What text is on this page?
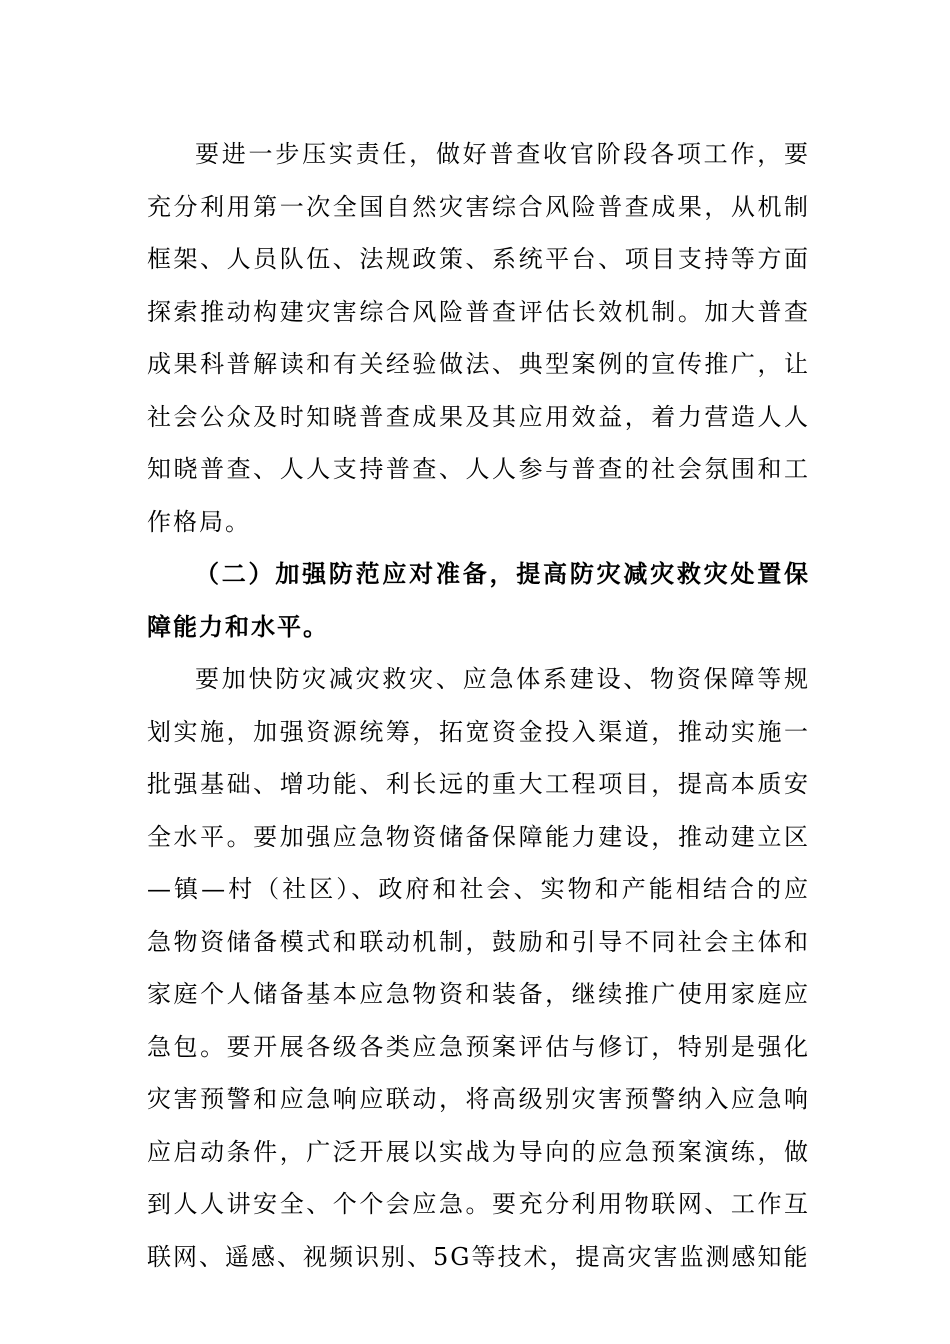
要进一步压实责任，做好普查收官阶段各项工作，要充分利用第一次全国自然灾害综合风险普查成果，从机制框架、人员队伍、法规政策、系统平台、项目支持等方面探索推动构建灾害综合风险普查评估长效机制。加大普查成果科普解读和有关经验做法、典型案例的宣传推广，让社会公众及时知晓普查成果及其应用效益，着力营造人人知晓普查、人人支持普查、人人参与普查的社会氛围和工作格局。

（二）加强防范应对准备，提高防灾减灾救灾处置保障能力和水平。

要加快防灾减灾救灾、应急体系建设、物资保障等规划实施，加强资源统筹，拓宽资金投入渠道，推动实施一批强基础、增功能、利长远的重大工程项目，提高本质安全水平。要加强应急物资储备保障能力建设，推动建立区—镇—村（社区）、政府和社会、实物和产能相结合的应急物资储备模式和联动机制，鼓励和引导不同社会主体和家庭个人储备基本应急物资和装备，继续推广使用家庭应急包。要开展各级各类应急预案评估与修订，特别是强化灾害预警和应急响应联动，将高级别灾害预警纳入应急响应启动条件，广泛开展以实战为导向的应急预案演练，做到人人讲安全、个个会应急。要充分利用物联网、工作互联网、遥感、视频识别、5G等技术，提高灾害监测感知能
